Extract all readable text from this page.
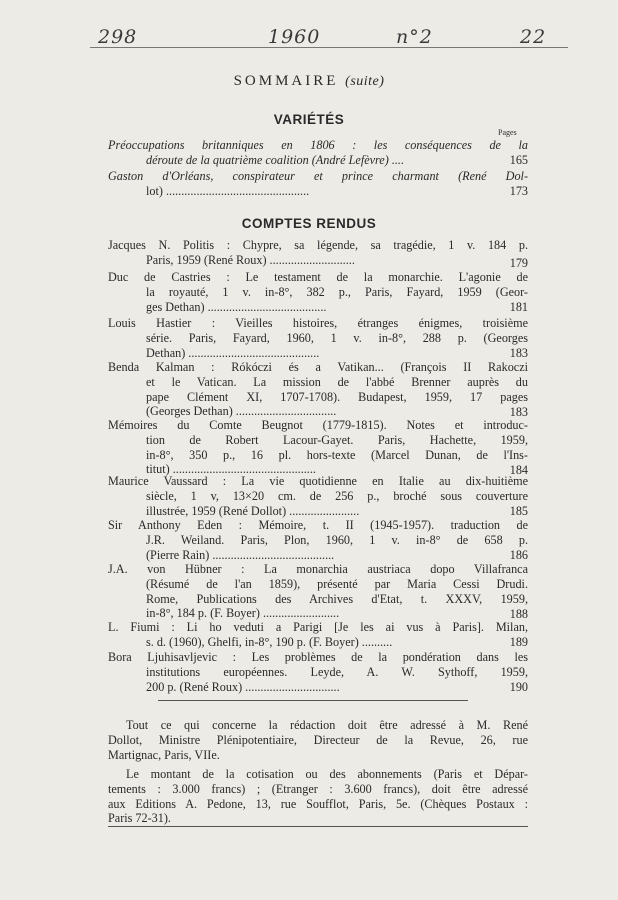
298	1960	n°2	22
SOMMAIRE (suite)
VARIÉTÉS
Pages
Préoccupations britanniques en 1806 : les conséquences de la
déroute de la quatrième coalition (André Lefèvre) ....	165
Gaston d'Orléans, conspirateur et prince charmant (René Dol-
lot) ...............................................	173
COMPTES RENDUS
Jacques N. Politis : Chypre, sa légende, sa tragédie, 1 v. 184 p.
Paris, 1959 (René Roux) ............................	179
Duc de Castries : Le testament de la monarchie. L'agonie de
la royauté, 1 v. in-8°, 382 p., Paris, Fayard, 1959 (Geor-
ges Dethan) .......................................	181
Louis Hastier : Vieilles histoires, étranges énigmes, troisième
série. Paris, Fayard, 1960, 1 v. in-8°, 288 p. (Georges
Dethan) ...........................................	183
Benda Kalman : Rókóczi és a Vatikan... (François II Rakoczi
et le Vatican. La mission de l'abbé Brenner auprès du
pape Clément XI, 1707-1708). Budapest, 1959, 17 pages
(Georges Dethan) .................................	183
Mémoires du Comte Beugnot (1779-1815). Notes et introduc-
tion de Robert Lacour-Gayet. Paris, Hachette, 1959,
in-8°, 350 p., 16 pl. hors-texte (Marcel Dunan, de l'Ins-
titut) ...............................................	184
Maurice Vaussard : La vie quotidienne en Italie au dix-huitième
siècle, 1 v, 13×20 cm. de 256 p., broché sous couverture
illustrée, 1959 (René Dollot) .......................	185
Sir Anthony Eden : Mémoire, t. II (1945-1957). traduction de
J.R. Weiland. Paris, Plon, 1960, 1 v. in-8° de 658 p.
(Pierre Rain) ........................................	186
J.A. von Hübner : La monarchia austriaca dopo Villafranca
(Résumé de l'an 1859), présenté par Maria Cessi Drudi.
Rome, Publications des Archives d'Etat, t. XXXV, 1959,
in-8°, 184 p. (F. Boyer) .........................	188
L. Fiumi : Li ho veduti a Parigi [Je les ai vus à Paris]. Milan,
s. d. (1960), Ghelfi, in-8°, 190 p. (F. Boyer) ..........	189
Bora Ljuhisavljevic : Les problèmes de la pondération dans les
institutions européennes. Leyde, A. W. Sythoff, 1959,
200 p. (René Roux) ...............................	190
Tout ce qui concerne la rédaction doit être adressé à M. René
Dollot, Ministre Plénipotentiaire, Directeur de la Revue, 26, rue
Martignac, Paris, VIIe.
Le montant de la cotisation ou des abonnements (Paris et Dépar-
tements : 3.000 francs) ; (Etranger : 3.600 francs), doit être adressé
aux Editions A. Pedone, 13, rue Soufflot, Paris, 5e. (Chèques Postaux :
Paris 72-31).
